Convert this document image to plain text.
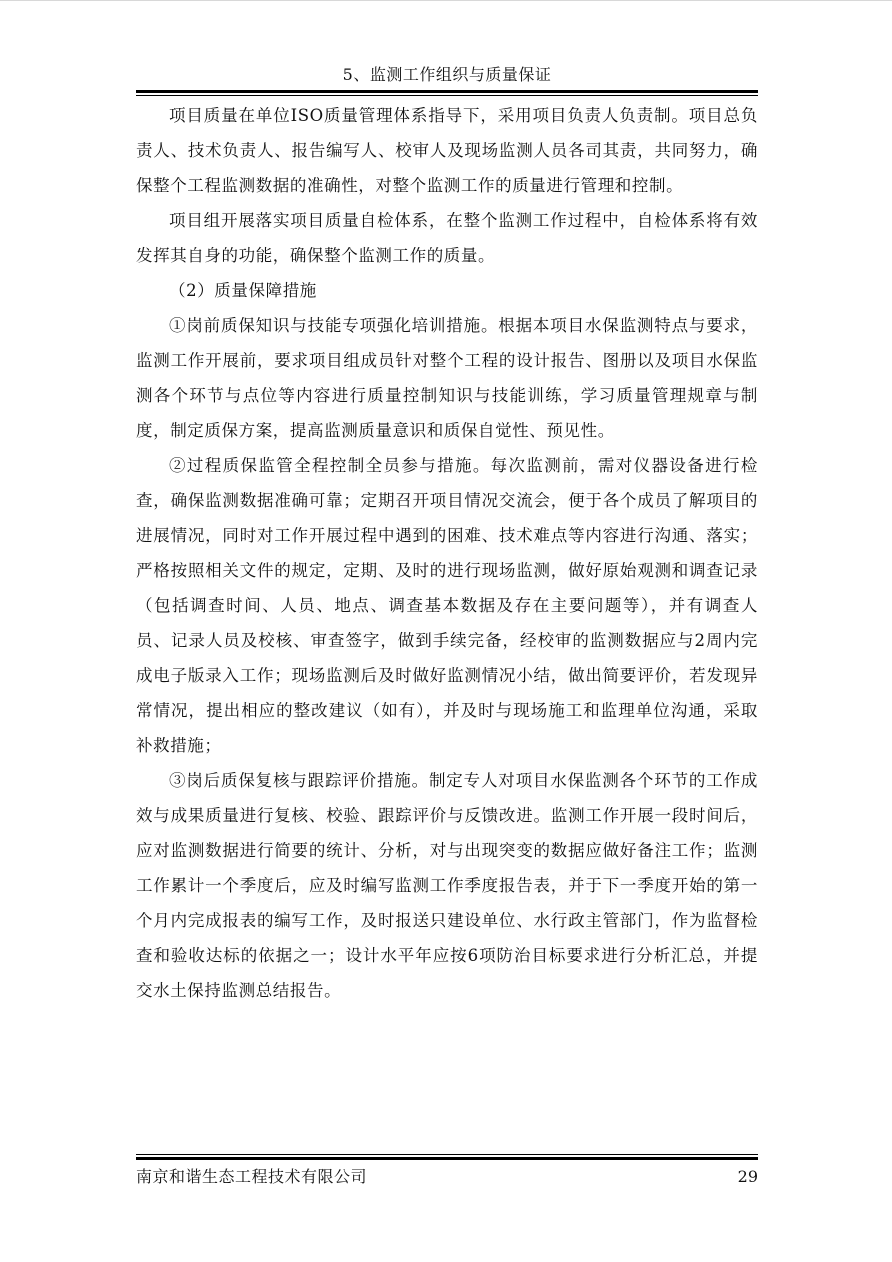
5、监测工作组织与质量保证

项目质量在单位ISO质量管理体系指导下，采用项目负责人负责制。项目总负责人、技术负责人、报告编写人、校审人及现场监测人员各司其责，共同努力，确保整个工程监测数据的准确性，对整个监测工作的质量进行管理和控制。

项目组开展落实项目质量自检体系，在整个监测工作过程中，自检体系将有效发挥其自身的功能，确保整个监测工作的质量。

（2）质量保障措施

①岗前质保知识与技能专项强化培训措施。根据本项目水保监测特点与要求，监测工作开展前，要求项目组成员针对整个工程的设计报告、图册以及项目水保监测各个环节与点位等内容进行质量控制知识与技能训练，学习质量管理规章与制度，制定质保方案，提高监测质量意识和质保自觉性、预见性。

②过程质保监管全程控制全员参与措施。每次监测前，需对仪器设备进行检查，确保监测数据准确可靠；定期召开项目情况交流会，便于各个成员了解项目的进展情况，同时对工作开展过程中遇到的困难、技术难点等内容进行沟通、落实；严格按照相关文件的规定，定期、及时的进行现场监测，做好原始观测和调查记录（包括调查时间、人员、地点、调查基本数据及存在主要问题等），并有调查人员、记录人员及校核、审查签字，做到手续完备，经校审的监测数据应与2周内完成电子版录入工作；现场监测后及时做好监测情况小结，做出简要评价，若发现异常情况，提出相应的整改建议（如有），并及时与现场施工和监理单位沟通，采取补救措施；

③岗后质保复核与跟踪评价措施。制定专人对项目水保监测各个环节的工作成效与成果质量进行复核、校验、跟踪评价与反馈改进。监测工作开展一段时间后，应对监测数据进行简要的统计、分析，对与出现突变的数据应做好备注工作；监测工作累计一个季度后，应及时编写监测工作季度报告表，并于下一季度开始的第一个月内完成报表的编写工作，及时报送只建设单位、水行政主管部门，作为监督检查和验收达标的依据之一；设计水平年应按6项防治目标要求进行分析汇总，并提交水土保持监测总结报告。

南京和谐生态工程技术有限公司	29
